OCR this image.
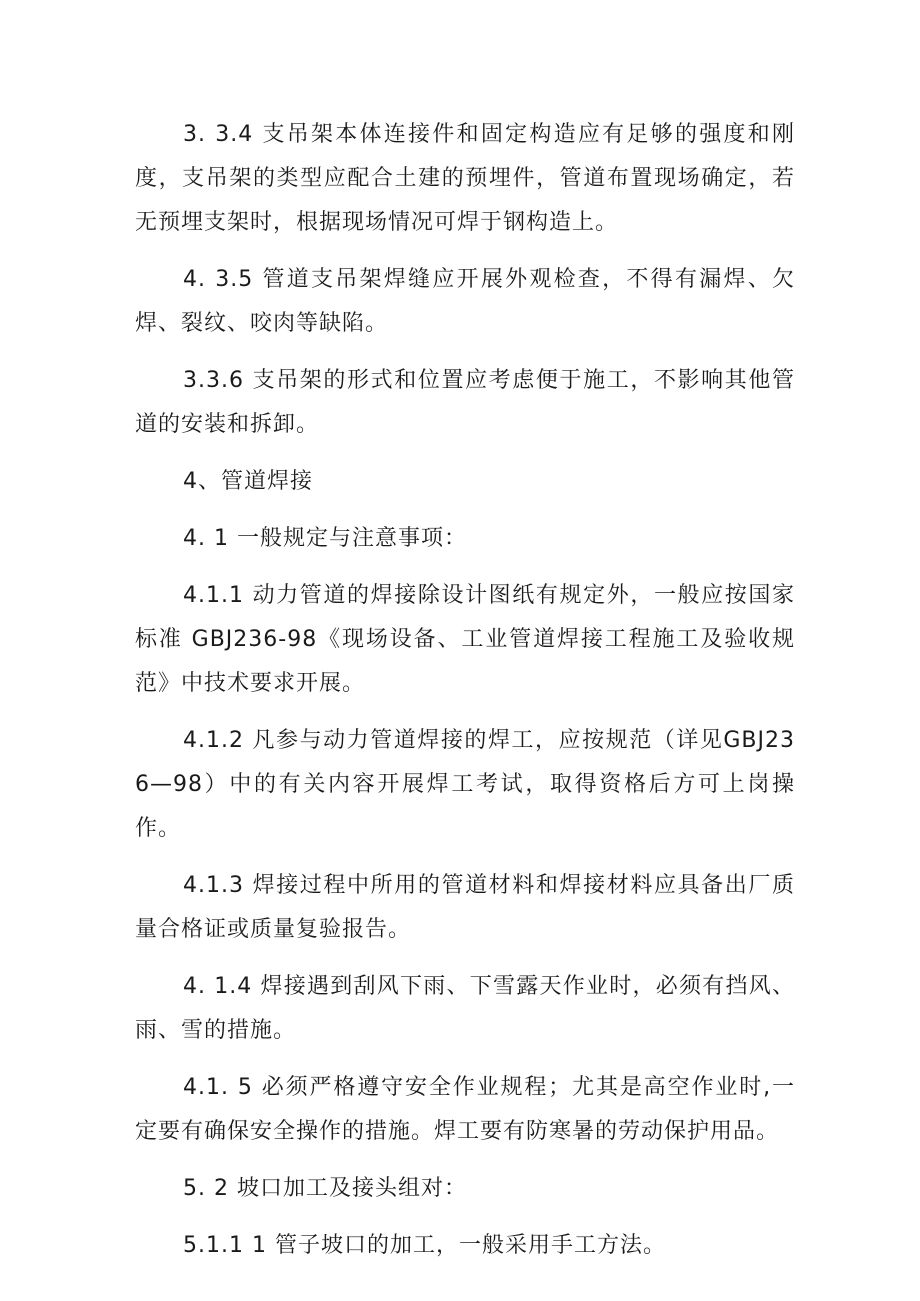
3. 3.4 支吊架本体连接件和固定构造应有足够的强度和刚度，支吊架的类型应配合土建的预埋件，管道布置现场确定，若无预埋支架时，根据现场情况可焊于钢构造上。

4. 3.5 管道支吊架焊缝应开展外观检查，不得有漏焊、欠焊、裂纹、咬肉等缺陷。

3.3.6 支吊架的形式和位置应考虑便于施工，不影响其他管道的安装和拆卸。

4、管道焊接

4. 1 一般规定与注意事项：

4.1.1 动力管道的焊接除设计图纸有规定外，一般应按国家标准 GBJ236-98《现场设备、工业管道焊接工程施工及验收规范》中技术要求开展。

4.1.2 凡参与动力管道焊接的焊工，应按规范（详见GBJ236—98）中的有关内容开展焊工考试，取得资格后方可上岗操作。

4.1.3 焊接过程中所用的管道材料和焊接材料应具备出厂质量合格证或质量复验报告。

4. 1.4 焊接遇到刮风下雨、下雪露天作业时，必须有挡风、雨、雪的措施。

4.1. 5 必须严格遵守安全作业规程；尤其是高空作业时,一定要有确保安全操作的措施。焊工要有防寒暑的劳动保护用品。

5. 2 坡口加工及接头组对：

5.1.1 1 管子坡口的加工，一般采用手工方法。
